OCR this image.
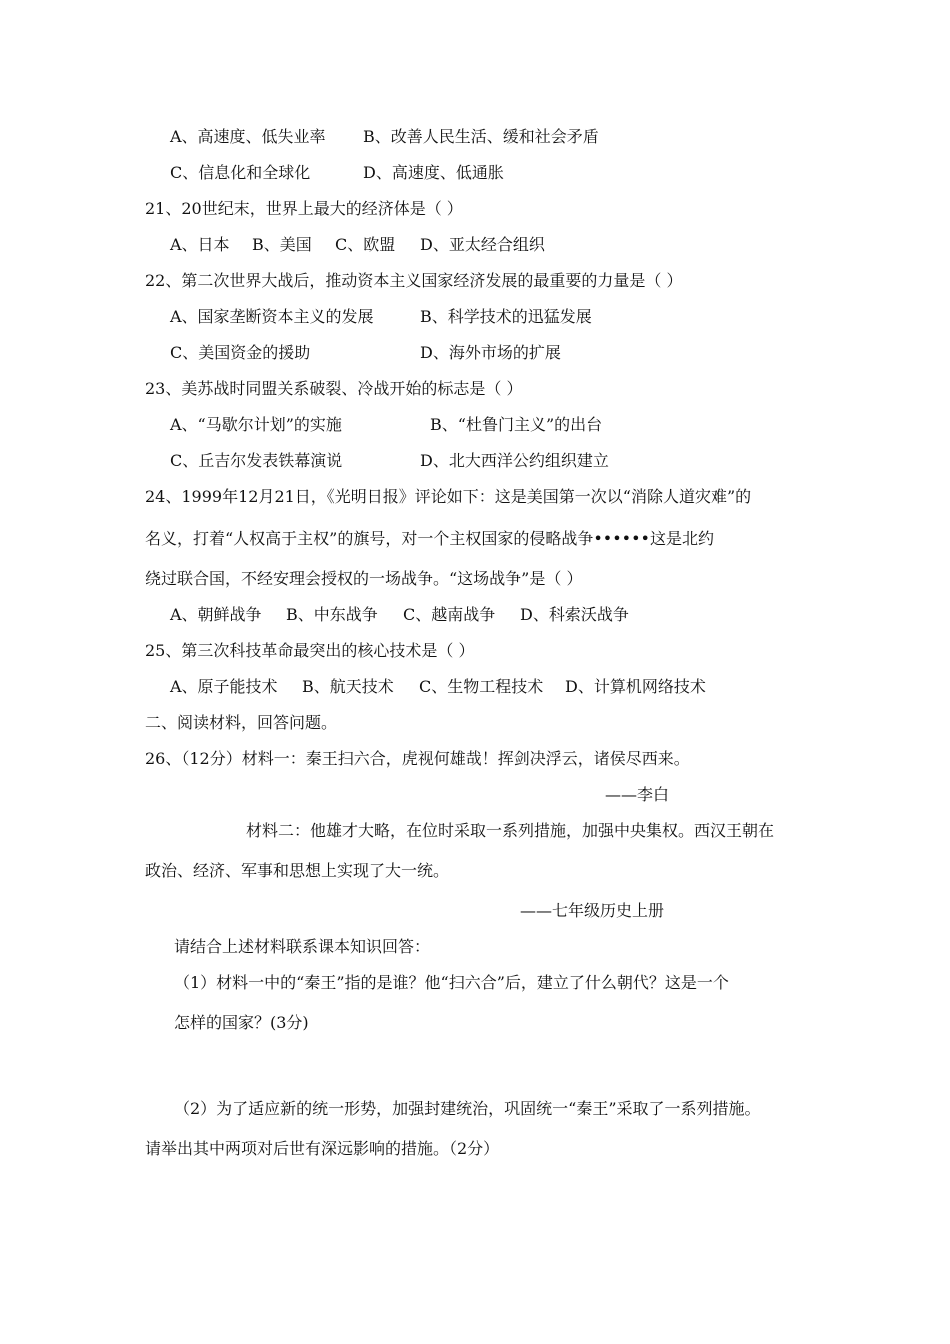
A、高速度、低失业率 B、改善人民生活、缓和社会矛盾
C、信息化和全球化	D、高速度、低通胀
21、20世纪末，世界上最大的经济体是（ ）
A、日本 B、美国 C、欧盟 D、亚太经合组织
22、第二次世界大战后，推动资本主义国家经济发展的最重要的力量是（ ）
A、国家垄断资本主义的发展	B、科学技术的迅猛发展
C、美国资金的援助	D、海外市场的扩展
23、美苏战时同盟关系破裂、冷战开始的标志是（ ）
A、“马歇尔计划”的实施	B、“杜鲁门主义”的出台
C、丘吉尔发表铁幕演说	D、北大西洋公约组织建立
24、1999年12月21日，《光明日报》评论如下：这是美国第一次以“消除人道灾难”的
名义，打着“人权高于主权”的旗号，对一个主权国家的侵略战争••••••这是北约
绕过联合国，不经安理会授权的一场战争。“这场战争”是（ ）
A、朝鲜战争 B、中东战争 C、越南战争 D、科索沃战争
25、第三次科技革命最突出的核心技术是（ ）
A、原子能技术 B、航天技术 C、生物工程技术 D、计算机网络技术
二、阅读材料，回答问题。
26、（12分）材料一：秦王扫六合，虎视何雄哉！挥剑决浮云，诸侯尽西来。
——李白
材料二：他雄才大略，在位时采取一系列措施，加强中央集权。西汉王朝在
政治、经济、军事和思想上实现了大一统。
——七年级历史上册
请结合上述材料联系课本知识回答：
（1）材料一中的“秦王”指的是谁？他“扫六合”后，建立了什么朝代？这是一个
怎样的国家？(3分)
（2）为了适应新的统一形势，加强封建统治，巩固统一“秦王”采取了一系列措施。
请举出其中两项对后世有深远影响的措施。（2分）
